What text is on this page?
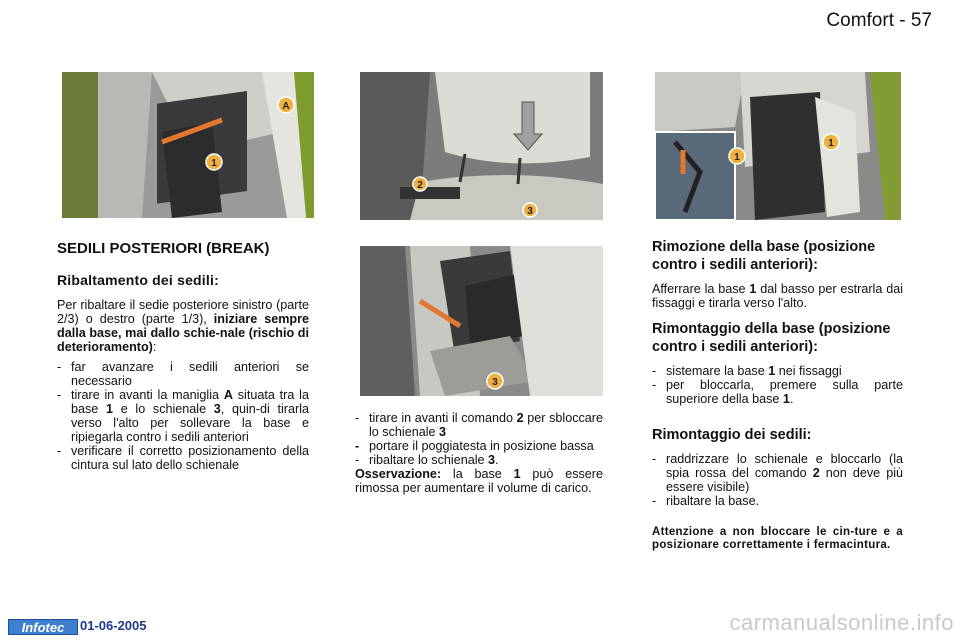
Comfort - 57
A
1
2
3
3
1
1

SEDILI POSTERIORI (BREAK)

Ribaltamento dei sedili:

Per ribaltare il sedie posteriore sinistro (parte 2/3) o destro (parte 1/3), iniziare sempre dalla base, mai dallo schie-nale (rischio di deterioramento):

- far avanzare i sedili anteriori se necessario
- tirare in avanti la maniglia A situata tra la base 1 e lo schienale 3, quin-di tirarla verso l'alto per sollevare la base e ripiegarla contro i sedili anteriori
- verificare il corretto posizionamento della cintura sul lato dello schienale
- tirare in avanti il comando 2 per sbloccare lo schienale 3
- portare il poggiatesta in posizione bassa
- ribaltare lo schienale 3.

Osservazione: la base 1 può essere rimossa per aumentare il volume di carico.

Rimozione della base (posizione contro i sedili anteriori):

Afferrare la base 1 dal basso per estrarla dai fissaggi e tirarla verso l'alto.

Rimontaggio della base (posizione contro i sedili anteriori):

- sistemare la base 1 nei fissaggi
- per bloccarla, premere sulla parte superiore della base 1.

Rimontaggio dei sedili:

- raddrizzare lo schienale e bloccarlo (la spia rossa del comando 2 non deve più essere visibile)
- ribaltare la base.

Attenzione a non bloccare le cin-ture e a posizionare correttamente i fermacintura.

Infotec	01-06-2005	carmanualsonline.info
